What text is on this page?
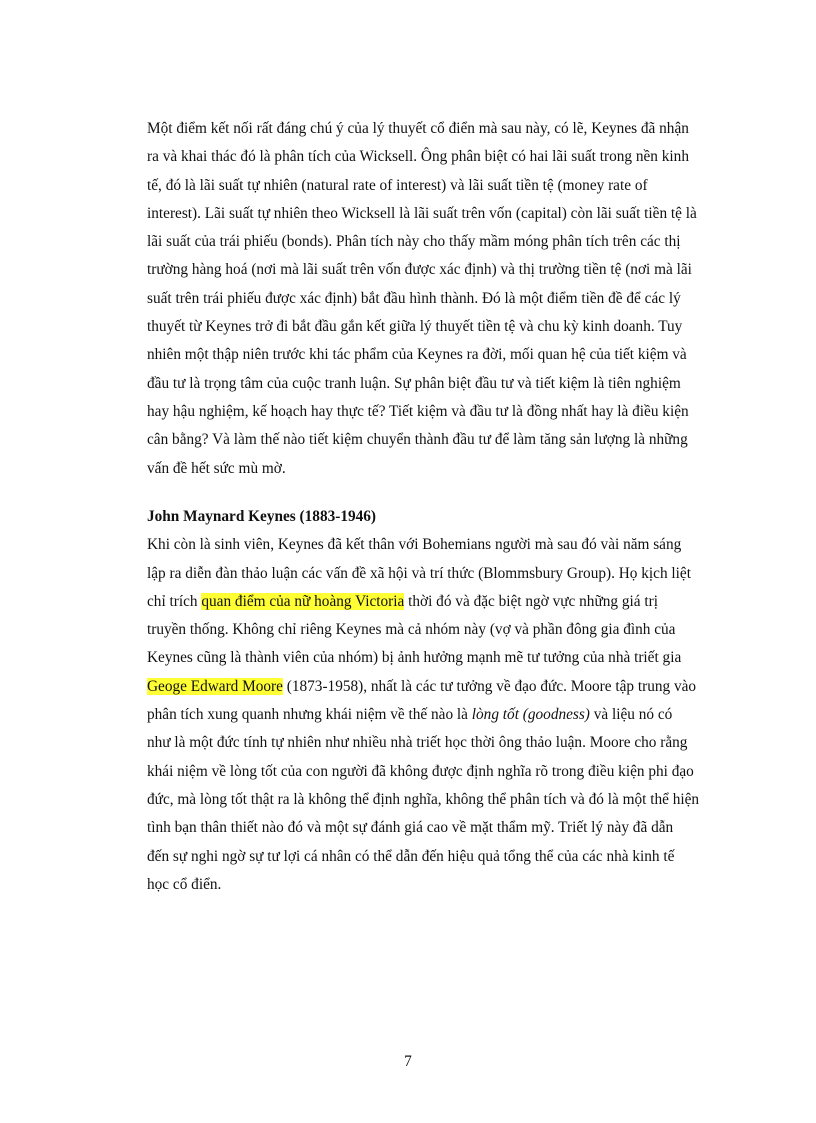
Một điểm kết nối rất đáng chú ý của lý thuyết cổ điển mà sau này, có lẽ, Keynes đã nhận
ra và khai thác đó là phân tích của Wicksell. Ông phân biệt có hai lãi suất trong nền kinh
tế, đó là lãi suất tự nhiên (natural rate of interest) và lãi suất tiền tệ (money rate of
interest). Lãi suất tự nhiên theo Wicksell là lãi suất trên vốn (capital) còn lãi suất tiền tệ là
lãi suất của trái phiếu (bonds). Phân tích này cho thấy mầm móng phân tích trên các thị
trường hàng hoá (nơi mà lãi suất trên vốn được xác định) và thị trường tiền tệ (nơi mà lãi
suất trên trái phiếu được xác định) bắt đầu hình thành. Đó là một điểm tiền đề để các lý
thuyết từ Keynes trở đi bắt đầu gắn kết giữa lý thuyết tiền tệ và chu kỳ kinh doanh. Tuy
nhiên một thập niên trước khi tác phẩm của Keynes ra đời, mối quan hệ của tiết kiệm và
đầu tư là trọng tâm của cuộc tranh luận. Sự phân biệt đầu tư và tiết kiệm là tiên nghiệm
hay hậu nghiệm, kế hoạch hay thực tế? Tiết kiệm và đầu tư là đồng nhất hay là điều kiện
cân bằng? Và làm thế nào tiết kiệm chuyển thành đầu tư để làm tăng sản lượng là những
vấn đề hết sức mù mờ.
John Maynard Keynes (1883-1946)
Khi còn là sinh viên, Keynes đã kết thân với Bohemians người mà sau đó vài năm sáng
lập ra diễn đàn thảo luận các vấn đề xã hội và trí thức (Blommsbury Group). Họ kịch liệt
chỉ trích quan điểm của nữ hoàng Victoria thời đó và đặc biệt ngờ vực những giá trị
truyền thống. Không chỉ riêng Keynes mà cả nhóm này (vợ và phần đông gia đình của
Keynes cũng là thành viên của nhóm) bị ảnh hưởng mạnh mẽ tư tưởng của nhà triết gia
Geoge Edward Moore (1873-1958), nhất là các tư tưởng về đạo đức. Moore tập trung vào
phân tích xung quanh nhưng khái niệm về thế nào là lòng tốt (goodness) và liệu nó có
như là một đức tính tự nhiên như nhiều nhà triết học thời ông thảo luận. Moore cho rằng
khái niệm về lòng tốt của con người đã không được định nghĩa rõ trong điều kiện phi đạo
đức, mà lòng tốt thật ra là không thể định nghĩa, không thể phân tích và đó là một thể hiện
tình bạn thân thiết nào đó và một sự đánh giá cao về mặt thẩm mỹ. Triết lý này đã dẫn
đến sự nghi ngờ sự tư lợi cá nhân có thể dẫn đến hiệu quả tổng thể của các nhà kinh tế
học cổ điển.
7
